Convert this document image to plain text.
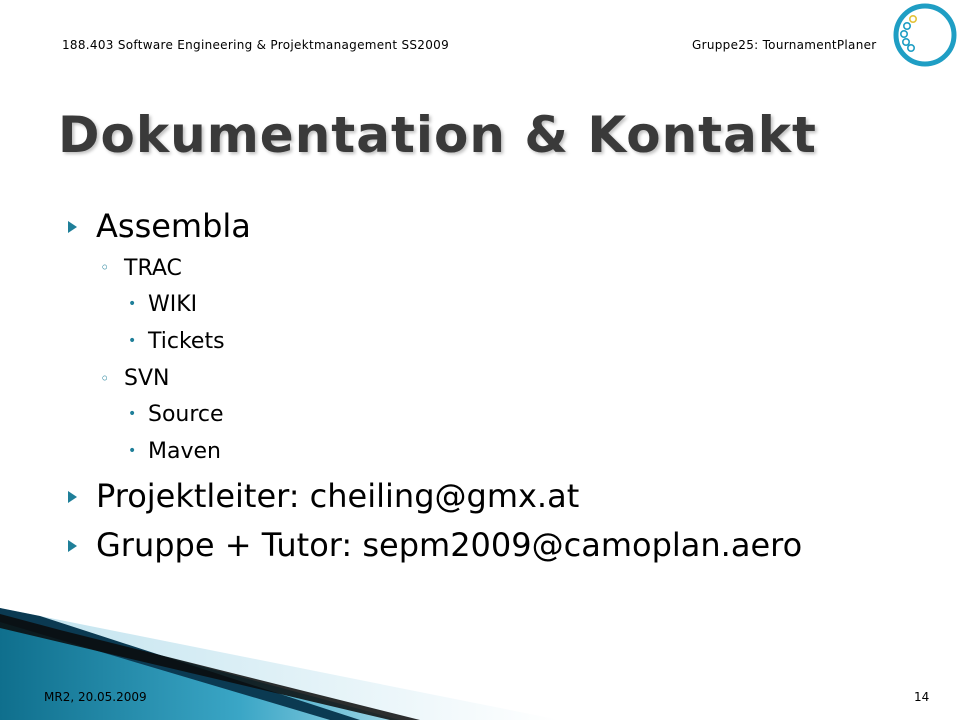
188.403 Software Engineering & Projektmanagement SS2009	Gruppe25: TournamentPlaner
Dokumentation & Kontakt
Assembla
◦ TRAC
• WIKI
• Tickets
◦ SVN
• Source
• Maven
Projektleiter: cheiling@gmx.at
Gruppe + Tutor: sepm2009@camoplan.aero
MR2, 20.05.2009	14
